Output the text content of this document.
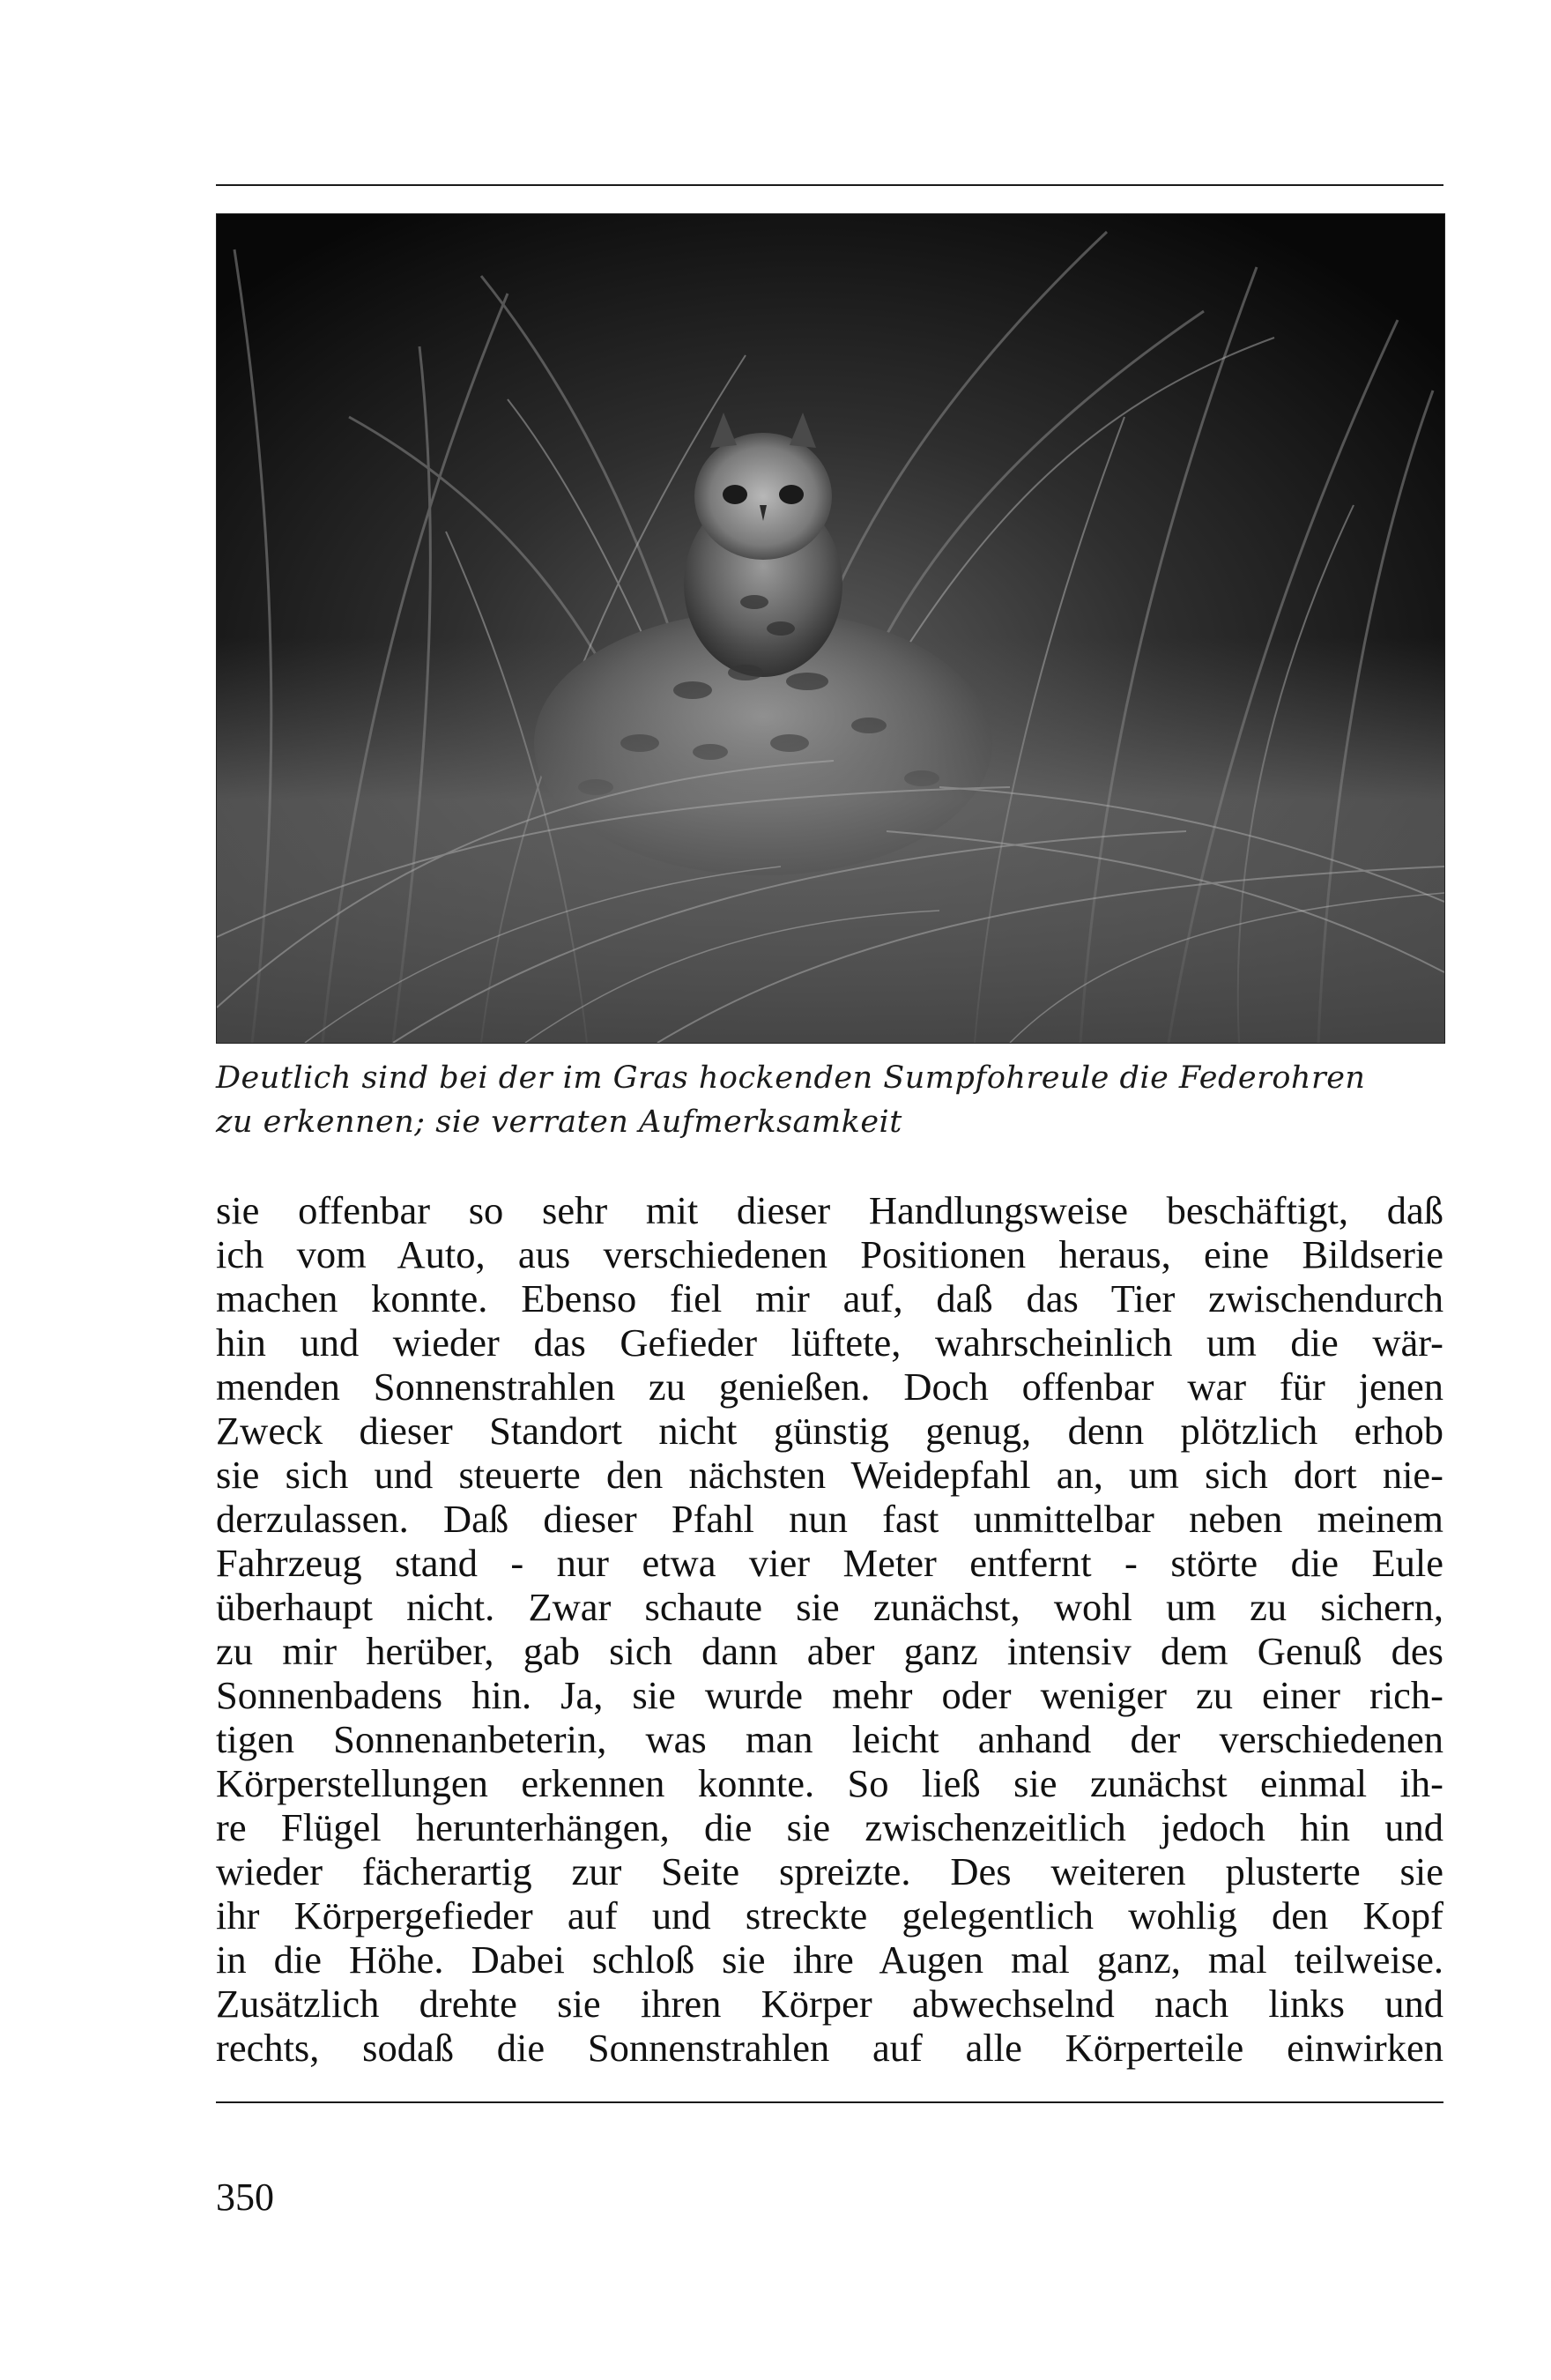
Deutlich sind bei der im Gras hockenden Sumpfohreule die Federohren
zu erkennen; sie verraten Aufmerksamkeit
sie offenbar so sehr mit dieser Handlungsweise beschäftigt, daß
ich vom Auto, aus verschiedenen Positionen heraus, eine Bildserie
machen konnte. Ebenso fiel mir auf, daß das Tier zwischendurch
hin und wieder das Gefieder lüftete, wahrscheinlich um die wär-
menden Sonnenstrahlen zu genießen. Doch offenbar war für jenen
Zweck dieser Standort nicht günstig genug, denn plötzlich erhob
sie sich und steuerte den nächsten Weidepfahl an, um sich dort nie-
derzulassen. Daß dieser Pfahl nun fast unmittelbar neben meinem
Fahrzeug stand - nur etwa vier Meter entfernt - störte die Eule
überhaupt nicht. Zwar schaute sie zunächst, wohl um zu sichern,
zu mir herüber, gab sich dann aber ganz intensiv dem Genuß des
Sonnenbadens hin. Ja, sie wurde mehr oder weniger zu einer rich-
tigen Sonnenanbeterin, was man leicht anhand der verschiedenen
Körperstellungen erkennen konnte. So ließ sie zunächst einmal ih-
re Flügel herunterhängen, die sie zwischenzeitlich jedoch hin und
wieder fächerartig zur Seite spreizte. Des weiteren plusterte sie
ihr Körpergefieder auf und streckte gelegentlich wohlig den Kopf
in die Höhe. Dabei schloß sie ihre Augen mal ganz, mal teilweise.
Zusätzlich drehte sie ihren Körper abwechselnd nach links und
rechts, sodaß die Sonnenstrahlen auf alle Körperteile einwirken
350
